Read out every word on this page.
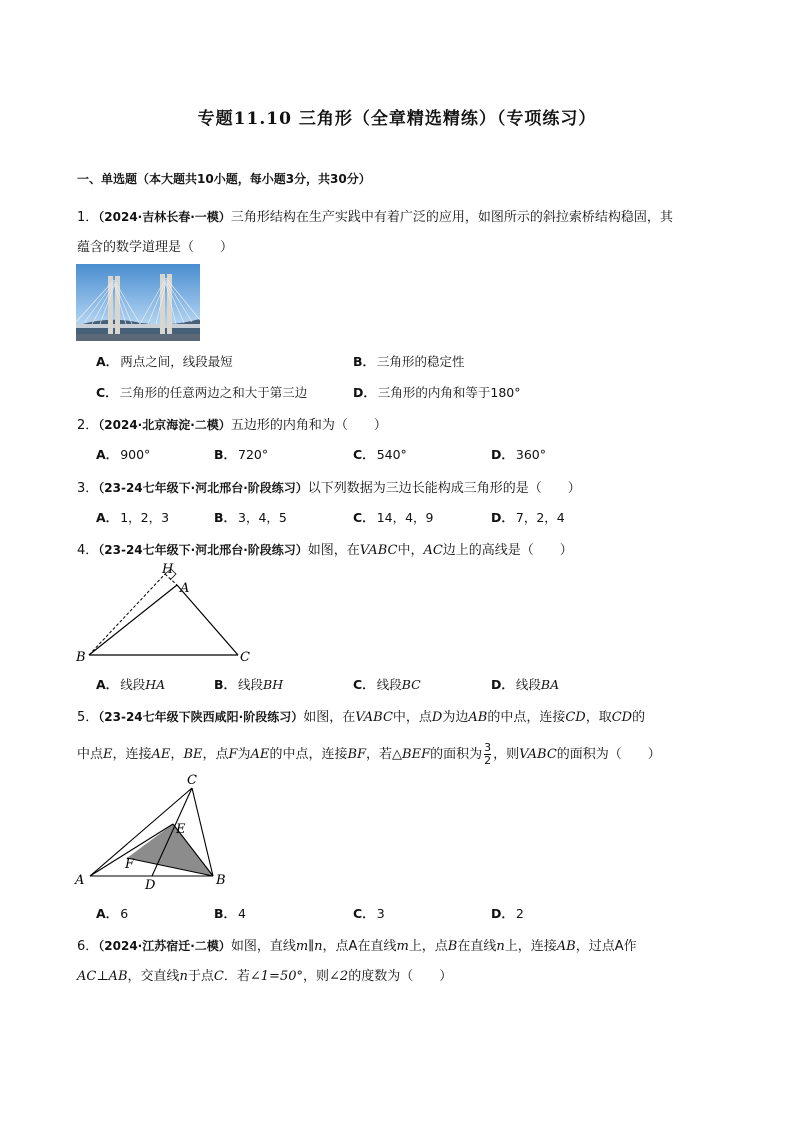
专题11.10 三角形（全章精选精练）（专项练习）
一、单选题（本大题共10小题，每小题3分，共30分）
1．（2024·吉林长春·一模）三角形结构在生产实践中有着广泛的应用，如图所示的斜拉索桥结构稳固，其
蕴含的数学道理是（　　）
A． 两点之间，线段最短	B． 三角形的稳定性
C． 三角形的任意两边之和大于第三边	D． 三角形的内角和等于180°
2．（2024·北京海淀·二模）五边形的内角和为（　　）
A． 900°	B． 720°	C． 540°	D． 360°
3．（23-24七年级下·河北邢台·阶段练习）以下列数据为三边长能构成三角形的是（　　）
A． 1，2，3	B． 3，4，5	C． 14，4，9	D． 7，2，4
4．（23-24七年级下·河北邢台·阶段练习）如图，在VABC中，AC边上的高线是（　　）
H
A
B	C
A． 线段HA	B． 线段BH	C． 线段BC	D． 线段BA
5．（23-24七年级下陕西咸阳·阶段练习）如图，在VABC中，点D为边AB的中点，连接CD，取CD的
中点E，连接AE，BE，点F为AE的中点，连接BF，若△BEF的面积为 $\frac{3}{2}$ ，则VABC的面积为（　　）
C
E
F
A	D	B
A． 6	B． 4	C． 3	D． 2
6．（2024·江苏宿迁·二模）如图，直线m∥n，点A在直线m上，点B在直线n上，连接AB，过点A作
AC⊥AB，交直线n于点C．若∠1=50°，则∠2的度数为（　　）
